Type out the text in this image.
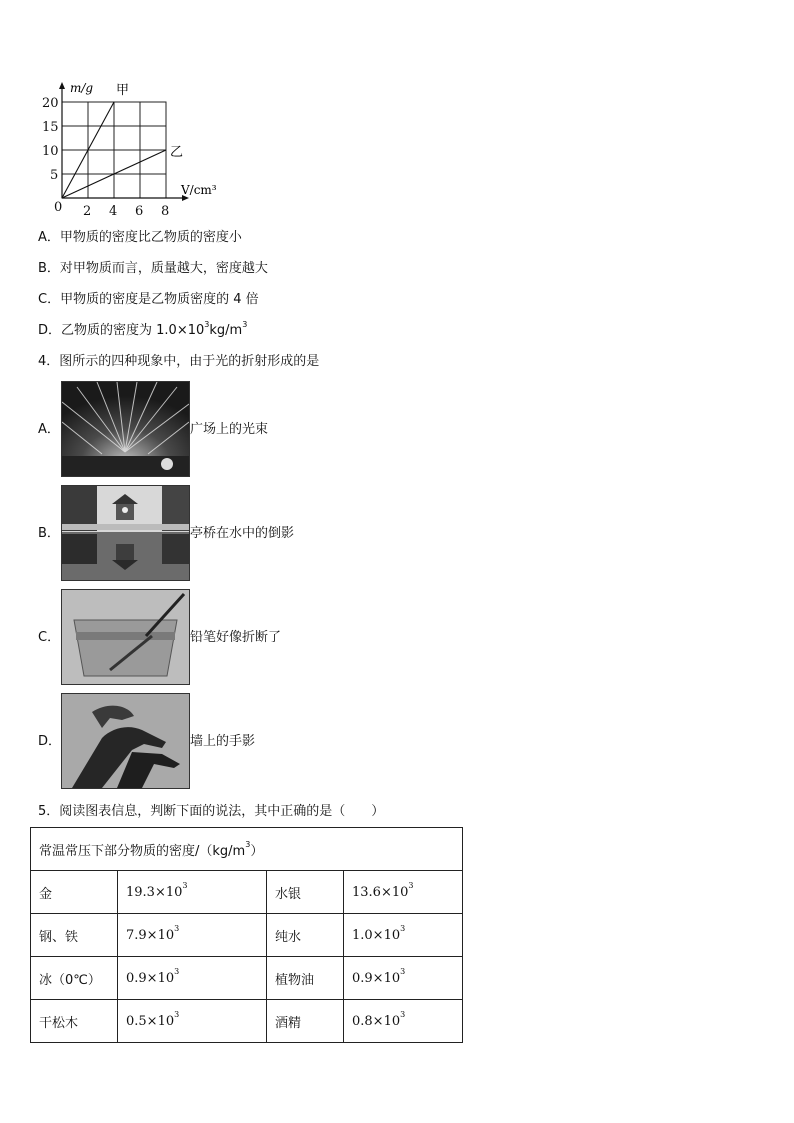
m/g 甲
乙
V/cm³
20
15
10
5
0 2 4 6 8
A．甲物质的密度比乙物质的密度小
B．对甲物质而言，质量越大，密度越大
C．甲物质的密度是乙物质密度的 4 倍
D．乙物质的密度为 $1.0\times 10^3kg/m^3$
4．图所示的四种现象中，由于光的折射形成的是
A．	广场上的光束
B．	亭桥在水中的倒影
C．	铅笔好像折断了
D．	墙上的手影
5．阅读图表信息，判断下面的说法，其中正确的是（　　）
常温常压下部分物质的密度$/(kg/m^3)$			
金	$19.3\times 10^3$	水银	$13.6\times 10^3$
钢、铁	$7.9\times 10^3$	纯水	$1.0\times 10^3$
冰（0℃）	$0.9\times 10^3$	植物油	$0.9\times 10^3$
干松木	$0.5\times 10^3$	酒精	$0.8\times 10^3$
